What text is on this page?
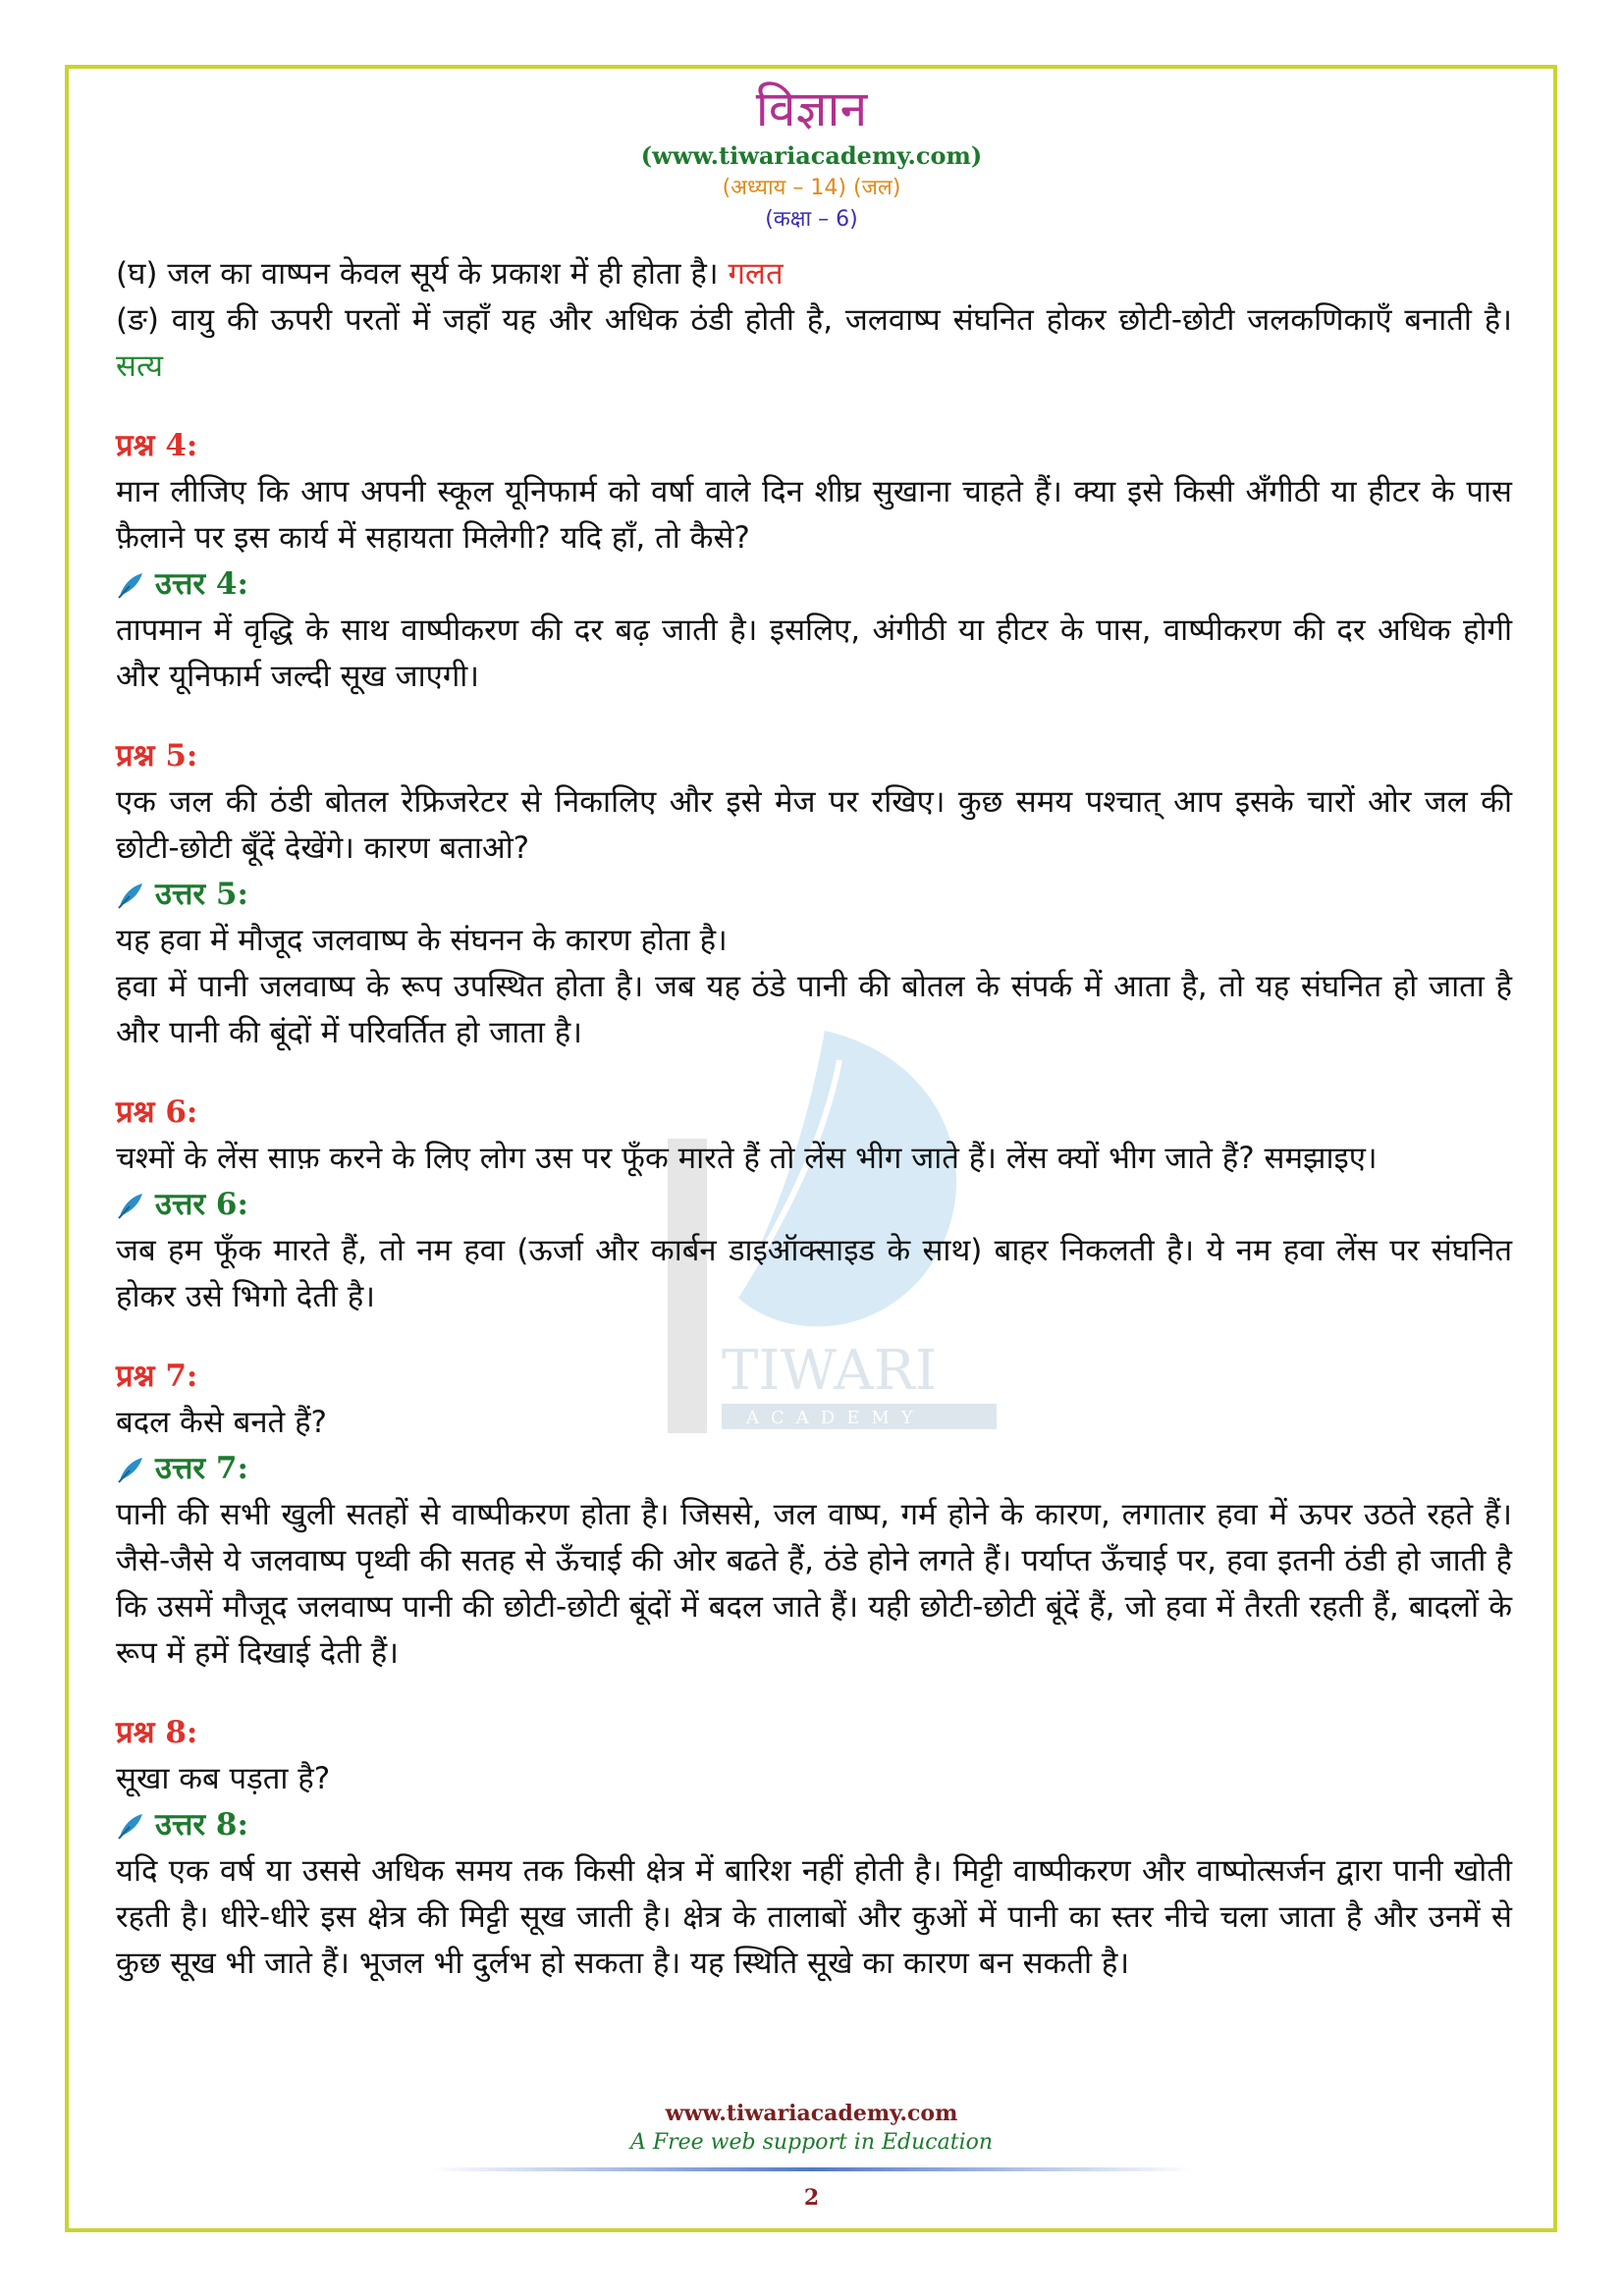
विज्ञान
(www.tiwariacademy.com)
(अध्याय – 14) (जल)
(कक्षा – 6)
TIWARI
ACADEMY

(घ) जल का वाष्पन केवल सूर्य के प्रकाश में ही होता है। गलत

(ङ) वायु की ऊपरी परतों में जहाँ यह और अधिक ठंडी होती है, जलवाष्प संघनित होकर छोटी-छोटी जलकणिकाएँ बनाती है। सत्य

प्रश्न 4:

मान लीजिए कि आप अपनी स्कूल यूनिफार्म को वर्षा वाले दिन शीघ्र सुखाना चाहते हैं। क्या इसे किसी अँगीठी या हीटर के पास फ़ैलाने पर इस कार्य में सहायता मिलेगी? यदि हाँ, तो कैसे?

उत्तर 4:

तापमान में वृद्धि के साथ वाष्पीकरण की दर बढ़ जाती है। इसलिए, अंगीठी या हीटर के पास, वाष्पीकरण की दर अधिक होगी और यूनिफार्म जल्दी सूख जाएगी।

प्रश्न 5:

एक जल की ठंडी बोतल रेफ्रिजरेटर से निकालिए और इसे मेज पर रखिए। कुछ समय पश्चात् आप इसके चारों ओर जल की छोटी-छोटी बूँदें देखेंगे। कारण बताओ?

उत्तर 5:

यह हवा में मौजूद जलवाष्प के संघनन के कारण होता है।

हवा में पानी जलवाष्प के रूप उपस्थित होता है। जब यह ठंडे पानी की बोतल के संपर्क में आता है, तो यह संघनित हो जाता है और पानी की बूंदों में परिवर्तित हो जाता है।

प्रश्न 6:

चश्मों के लेंस साफ़ करने के लिए लोग उस पर फूँक मारते हैं तो लेंस भीग जाते हैं। लेंस क्यों भीग जाते हैं? समझाइए।

उत्तर 6:

जब हम फूँक मारते हैं, तो नम हवा (ऊर्जा और कार्बन डाइऑक्साइड के साथ) बाहर निकलती है। ये नम हवा लेंस पर संघनित होकर उसे भिगो देती है।

प्रश्न 7:

बदल कैसे बनते हैं?

उत्तर 7:

पानी की सभी खुली सतहों से वाष्पीकरण होता है। जिससे, जल वाष्प, गर्म होने के कारण, लगातार हवा में ऊपर उठते रहते हैं। जैसे-जैसे ये जलवाष्प पृथ्वी की सतह से ऊँचाई की ओर बढते हैं, ठंडे होने लगते हैं। पर्याप्त ऊँचाई पर, हवा इतनी ठंडी हो जाती है कि उसमें मौजूद जलवाष्प पानी की छोटी-छोटी बूंदों में बदल जाते हैं। यही छोटी-छोटी बूंदें हैं, जो हवा में तैरती रहती हैं, बादलों के रूप में हमें दिखाई देती हैं।

प्रश्न 8:

सूखा कब पड़ता है?

उत्तर 8:

यदि एक वर्ष या उससे अधिक समय तक किसी क्षेत्र में बारिश नहीं होती है। मिट्टी वाष्पीकरण और वाष्पोत्सर्जन द्वारा पानी खोती रहती है। धीरे-धीरे इस क्षेत्र की मिट्टी सूख जाती है। क्षेत्र के तालाबों और कुओं में पानी का स्तर नीचे चला जाता है और उनमें से कुछ सूख भी जाते हैं। भूजल भी दुर्लभ हो सकता है। यह स्थिति सूखे का कारण बन सकती है।

www.tiwariacademy.com
A Free web support in Education
2
